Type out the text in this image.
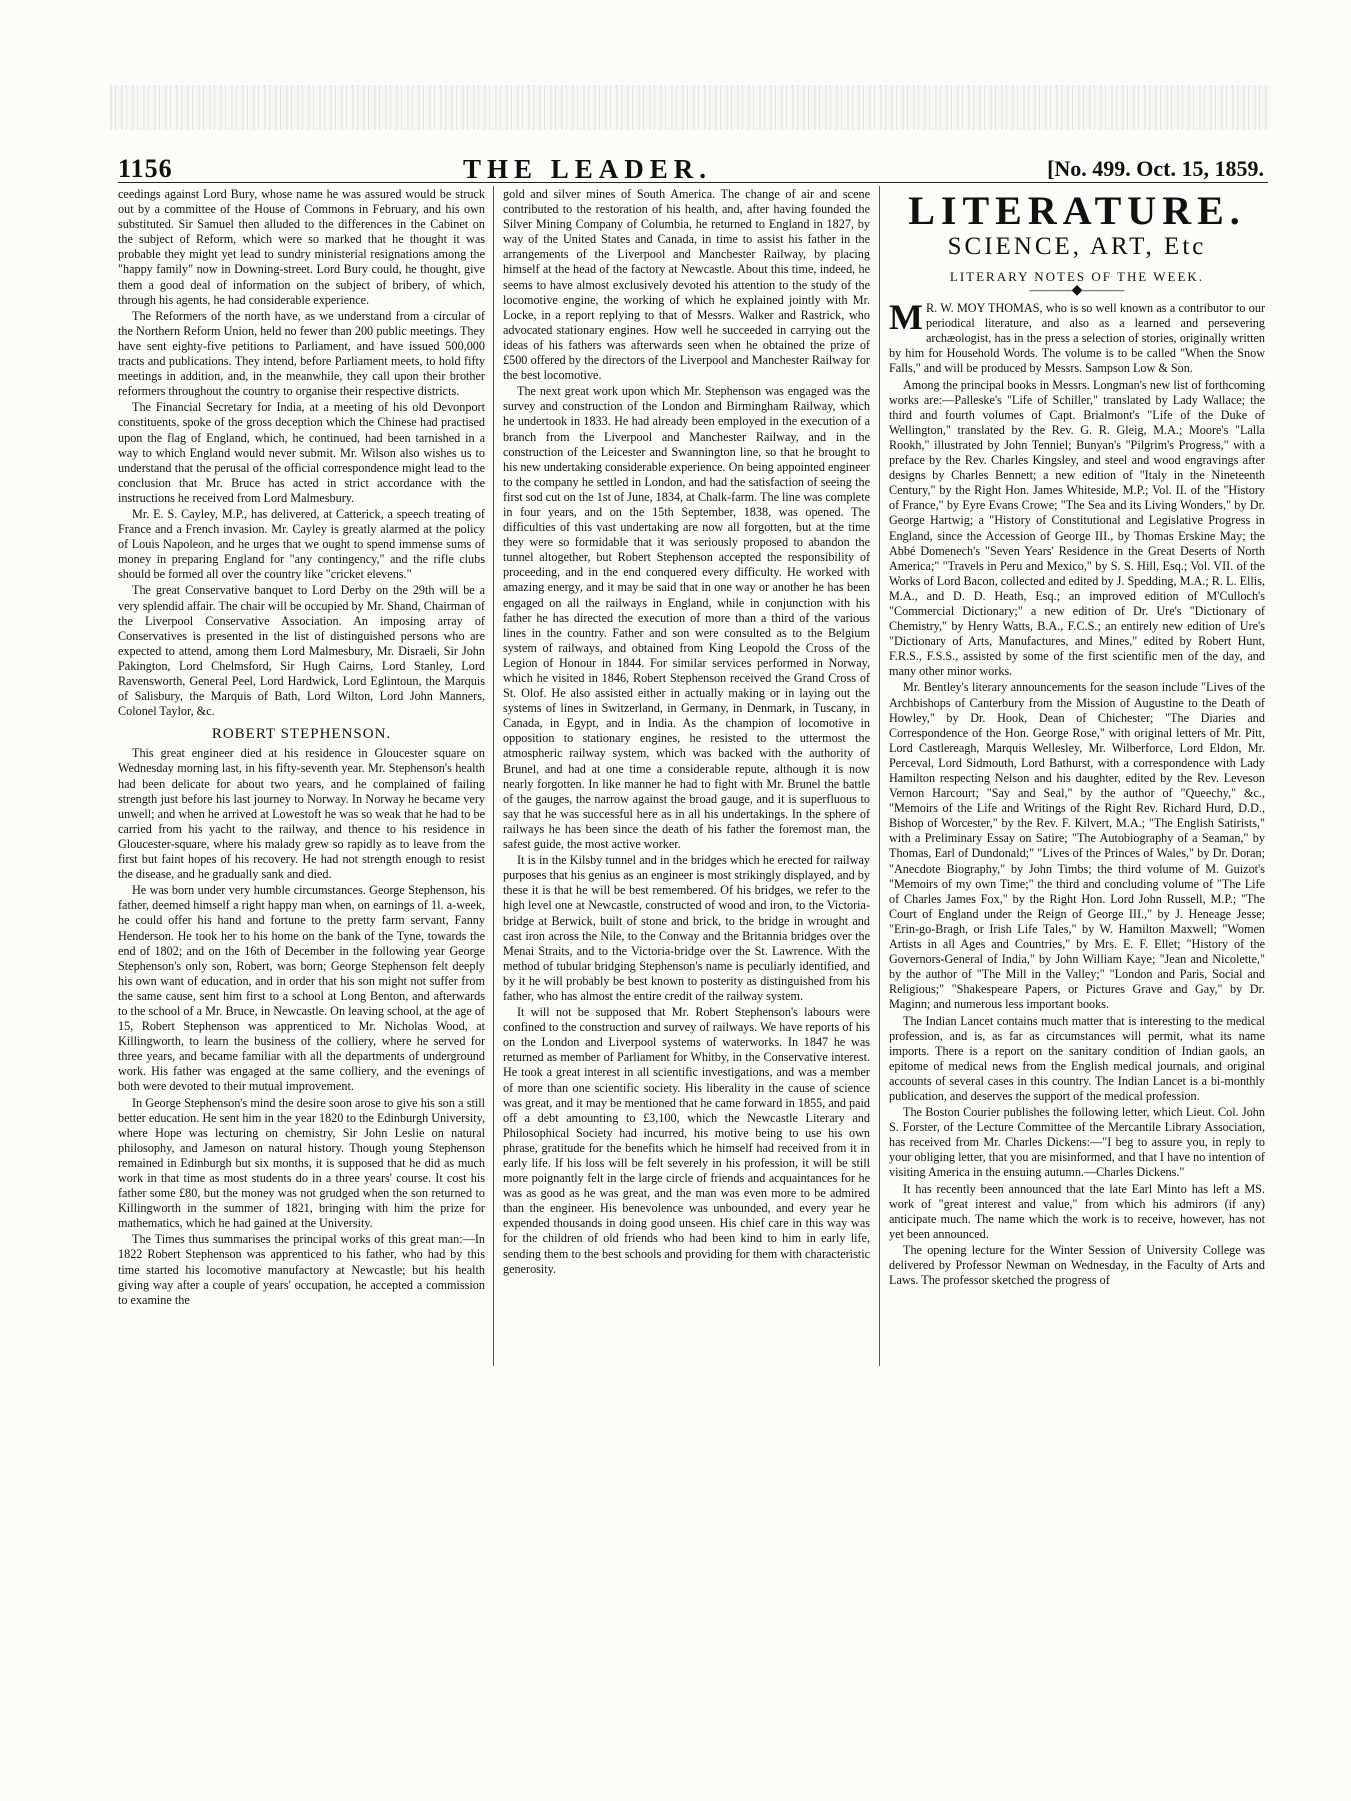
1156	THE LEADER.	[No. 499. Oct. 15, 1859.

ceedings against Lord Bury, whose name he was assured would be struck out by a committee of the House of Commons in February, and his own substituted. Sir Samuel then alluded to the differences in the Cabinet on the subject of Reform, which were so marked that he thought it was probable they might yet lead to sundry ministerial resignations among the "happy family" now in Downing-street. Lord Bury could, he thought, give them a good deal of information on the subject of bribery, of which, through his agents, he had considerable experience.

The Reformers of the north have, as we understand from a circular of the Northern Reform Union, held no fewer than 200 public meetings. They have sent eighty-five petitions to Parliament, and have issued 500,000 tracts and publications. They intend, before Parliament meets, to hold fifty meetings in addition, and, in the meanwhile, they call upon their brother reformers throughout the country to organise their respective districts.

The Financial Secretary for India, at a meeting of his old Devonport constituents, spoke of the gross deception which the Chinese had practised upon the flag of England, which, he continued, had been tarnished in a way to which England would never submit. Mr. Wilson also wishes us to understand that the perusal of the official correspondence might lead to the conclusion that Mr. Bruce has acted in strict accordance with the instructions he received from Lord Malmesbury.

Mr. E. S. Cayley, M.P., has delivered, at Catterick, a speech treating of France and a French invasion. Mr. Cayley is greatly alarmed at the policy of Louis Napoleon, and he urges that we ought to spend immense sums of money in preparing England for "any contingency," and the rifle clubs should be formed all over the country like "cricket elevens."

The great Conservative banquet to Lord Derby on the 29th will be a very splendid affair. The chair will be occupied by Mr. Shand, Chairman of the Liverpool Conservative Association. An imposing array of Conservatives is presented in the list of distinguished persons who are expected to attend, among them Lord Malmesbury, Mr. Disraeli, Sir John Pakington, Lord Chelmsford, Sir Hugh Cairns, Lord Stanley, Lord Ravensworth, General Peel, Lord Hardwick, Lord Eglintoun, the Marquis of Salisbury, the Marquis of Bath, Lord Wilton, Lord John Manners, Colonel Taylor, &c.

ROBERT STEPHENSON.

This great engineer died at his residence in Gloucester square on Wednesday morning last, in his fifty-seventh year. Mr. Stephenson's health had been delicate for about two years, and he complained of failing strength just before his last journey to Norway. In Norway he became very unwell; and when he arrived at Lowestoft he was so weak that he had to be carried from his yacht to the railway, and thence to his residence in Gloucester-square, where his malady grew so rapidly as to leave from the first but faint hopes of his recovery. He had not strength enough to resist the disease, and he gradually sank and died.

He was born under very humble circumstances. George Stephenson, his father, deemed himself a right happy man when, on earnings of 1l. a-week, he could offer his hand and fortune to the pretty farm servant, Fanny Henderson. He took her to his home on the bank of the Tyne, towards the end of 1802; and on the 16th of December in the following year George Stephenson's only son, Robert, was born; George Stephenson felt deeply his own want of education, and in order that his son might not suffer from the same cause, sent him first to a school at Long Benton, and afterwards to the school of a Mr. Bruce, in Newcastle. On leaving school, at the age of 15, Robert Stephenson was apprenticed to Mr. Nicholas Wood, at Killingworth, to learn the business of the colliery, where he served for three years, and became familiar with all the departments of underground work. His father was engaged at the same colliery, and the evenings of both were devoted to their mutual improvement.

In George Stephenson's mind the desire soon arose to give his son a still better education. He sent him in the year 1820 to the Edinburgh University, where Hope was lecturing on chemistry, Sir John Leslie on natural philosophy, and Jameson on natural history. Though young Stephenson remained in Edinburgh but six months, it is supposed that he did as much work in that time as most students do in a three years' course. It cost his father some £80, but the money was not grudged when the son returned to Killingworth in the summer of 1821, bringing with him the prize for mathematics, which he had gained at the University.

The Times thus summarises the principal works of this great man:—In 1822 Robert Stephenson was apprenticed to his father, who had by this time started his locomotive manufactory at Newcastle; but his health giving way after a couple of years' occupation, he accepted a commission to examine the

gold and silver mines of South America. The change of air and scene contributed to the restoration of his health, and, after having founded the Silver Mining Company of Columbia, he returned to England in 1827, by way of the United States and Canada, in time to assist his father in the arrangements of the Liverpool and Manchester Railway, by placing himself at the head of the factory at Newcastle. About this time, indeed, he seems to have almost exclusively devoted his attention to the study of the locomotive engine, the working of which he explained jointly with Mr. Locke, in a report replying to that of Messrs. Walker and Rastrick, who advocated stationary engines. How well he succeeded in carrying out the ideas of his fathers was afterwards seen when he obtained the prize of £500 offered by the directors of the Liverpool and Manchester Railway for the best locomotive.

The next great work upon which Mr. Stephenson was engaged was the survey and construction of the London and Birmingham Railway, which he undertook in 1833. He had already been employed in the execution of a branch from the Liverpool and Manchester Railway, and in the construction of the Leicester and Swannington line, so that he brought to his new undertaking considerable experience. On being appointed engineer to the company he settled in London, and had the satisfaction of seeing the first sod cut on the 1st of June, 1834, at Chalk-farm. The line was complete in four years, and on the 15th September, 1838, was opened. The difficulties of this vast undertaking are now all forgotten, but at the time they were so formidable that it was seriously proposed to abandon the tunnel altogether, but Robert Stephenson accepted the responsibility of proceeding, and in the end conquered every difficulty. He worked with amazing energy, and it may be said that in one way or another he has been engaged on all the railways in England, while in conjunction with his father he has directed the execution of more than a third of the various lines in the country. Father and son were consulted as to the Belgium system of railways, and obtained from King Leopold the Cross of the Legion of Honour in 1844. For similar services performed in Norway, which he visited in 1846, Robert Stephenson received the Grand Cross of St. Olof. He also assisted either in actually making or in laying out the systems of lines in Switzerland, in Germany, in Denmark, in Tuscany, in Canada, in Egypt, and in India. As the champion of locomotive in opposition to stationary engines, he resisted to the uttermost the atmospheric railway system, which was backed with the authority of Brunel, and had at one time a considerable repute, although it is now nearly forgotten. In like manner he had to fight with Mr. Brunel the battle of the gauges, the narrow against the broad gauge, and it is superfluous to say that he was successful here as in all his undertakings. In the sphere of railways he has been since the death of his father the foremost man, the safest guide, the most active worker.

It is in the Kilsby tunnel and in the bridges which he erected for railway purposes that his genius as an engineer is most strikingly displayed, and by these it is that he will be best remembered. Of his bridges, we refer to the high level one at Newcastle, constructed of wood and iron, to the Victoria-bridge at Berwick, built of stone and brick, to the bridge in wrought and cast iron across the Nile, to the Conway and the Britannia bridges over the Menai Straits, and to the Victoria-bridge over the St. Lawrence. With the method of tubular bridging Stephenson's name is peculiarly identified, and by it he will probably be best known to posterity as distinguished from his father, who has almost the entire credit of the railway system.

It will not be supposed that Mr. Robert Stephenson's labours were confined to the construction and survey of railways. We have reports of his on the London and Liverpool systems of waterworks. In 1847 he was returned as member of Parliament for Whitby, in the Conservative interest. He took a great interest in all scientific investigations, and was a member of more than one scientific society. His liberality in the cause of science was great, and it may be mentioned that he came forward in 1855, and paid off a debt amounting to £3,100, which the Newcastle Literary and Philosophical Society had incurred, his motive being to use his own phrase, gratitude for the benefits which he himself had received from it in early life. If his loss will be felt severely in his profession, it will be still more poignantly felt in the large circle of friends and acquaintances for he was as good as he was great, and the man was even more to be admired than the engineer. His benevolence was unbounded, and every year he expended thousands in doing good unseen. His chief care in this way was for the children of old friends who had been kind to him in early life, sending them to the best schools and providing for them with characteristic generosity.

LITERATURE.
SCIENCE, ART, Etc
LITERARY NOTES OF THE WEEK.
―――◆―――

M R. W. MOY THOMAS, who is so well known as a contributor to our periodical literature, and also as a learned and persevering archæologist, has in the press a selection of stories, originally written by him for Household Words. The volume is to be called "When the Snow Falls," and will be produced by Messrs. Sampson Low & Son.

Among the principal books in Messrs. Longman's new list of forthcoming works are:—Palleske's "Life of Schiller," translated by Lady Wallace; the third and fourth volumes of Capt. Brialmont's "Life of the Duke of Wellington," translated by the Rev. G. R. Gleig, M.A.; Moore's "Lalla Rookh," illustrated by John Tenniel; Bunyan's "Pilgrim's Progress," with a preface by the Rev. Charles Kingsley, and steel and wood engravings after designs by Charles Bennett; a new edition of "Italy in the Nineteenth Century," by the Right Hon. James Whiteside, M.P.; Vol. II. of the "History of France," by Eyre Evans Crowe; "The Sea and its Living Wonders," by Dr. George Hartwig; a "History of Constitutional and Legislative Progress in England, since the Accession of George III., by Thomas Erskine May; the Abbé Domenech's "Seven Years' Residence in the Great Deserts of North America;" "Travels in Peru and Mexico," by S. S. Hill, Esq.; Vol. VII. of the Works of Lord Bacon, collected and edited by J. Spedding, M.A.; R. L. Ellis, M.A., and D. D. Heath, Esq.; an improved edition of M'Culloch's "Commercial Dictionary;" a new edition of Dr. Ure's "Dictionary of Chemistry," by Henry Watts, B.A., F.C.S.; an entirely new edition of Ure's "Dictionary of Arts, Manufactures, and Mines," edited by Robert Hunt, F.R.S., F.S.S., assisted by some of the first scientific men of the day, and many other minor works.

Mr. Bentley's literary announcements for the season include "Lives of the Archbishops of Canterbury from the Mission of Augustine to the Death of Howley," by Dr. Hook, Dean of Chichester; "The Diaries and Correspondence of the Hon. George Rose," with original letters of Mr. Pitt, Lord Castlereagh, Marquis Wellesley, Mr. Wilberforce, Lord Eldon, Mr. Perceval, Lord Sidmouth, Lord Bathurst, with a correspondence with Lady Hamilton respecting Nelson and his daughter, edited by the Rev. Leveson Vernon Harcourt; "Say and Seal," by the author of "Queechy," &c., "Memoirs of the Life and Writings of the Right Rev. Richard Hurd, D.D., Bishop of Worcester," by the Rev. F. Kilvert, M.A.; "The English Satirists," with a Preliminary Essay on Satire; "The Autobiography of a Seaman," by Thomas, Earl of Dundonald;" "Lives of the Princes of Wales," by Dr. Doran; "Anecdote Biography," by John Timbs; the third volume of M. Guizot's "Memoirs of my own Time;" the third and concluding volume of "The Life of Charles James Fox," by the Right Hon. Lord John Russell, M.P.; "The Court of England under the Reign of George III.," by J. Heneage Jesse; "Erin-go-Bragh, or Irish Life Tales," by W. Hamilton Maxwell; "Women Artists in all Ages and Countries," by Mrs. E. F. Ellet; "History of the Governors-General of India," by John William Kaye; "Jean and Nicolette," by the author of "The Mill in the Valley;" "London and Paris, Social and Religious;" "Shakespeare Papers, or Pictures Grave and Gay," by Dr. Maginn; and numerous less important books.

The Indian Lancet contains much matter that is interesting to the medical profession, and is, as far as circumstances will permit, what its name imports. There is a report on the sanitary condition of Indian gaols, an epitome of medical news from the English medical journals, and original accounts of several cases in this country. The Indian Lancet is a bi-monthly publication, and deserves the support of the medical profession.

The Boston Courier publishes the following letter, which Lieut. Col. John S. Forster, of the Lecture Committee of the Mercantile Library Association, has received from Mr. Charles Dickens:—"I beg to assure you, in reply to your obliging letter, that you are misinformed, and that I have no intention of visiting America in the ensuing autumn.—Charles Dickens."

It has recently been announced that the late Earl Minto has left a MS. work of "great interest and value," from which his admirors (if any) anticipate much. The name which the work is to receive, however, has not yet been announced.

The opening lecture for the Winter Session of University College was delivered by Professor Newman on Wednesday, in the Faculty of Arts and Laws. The professor sketched the progress of
